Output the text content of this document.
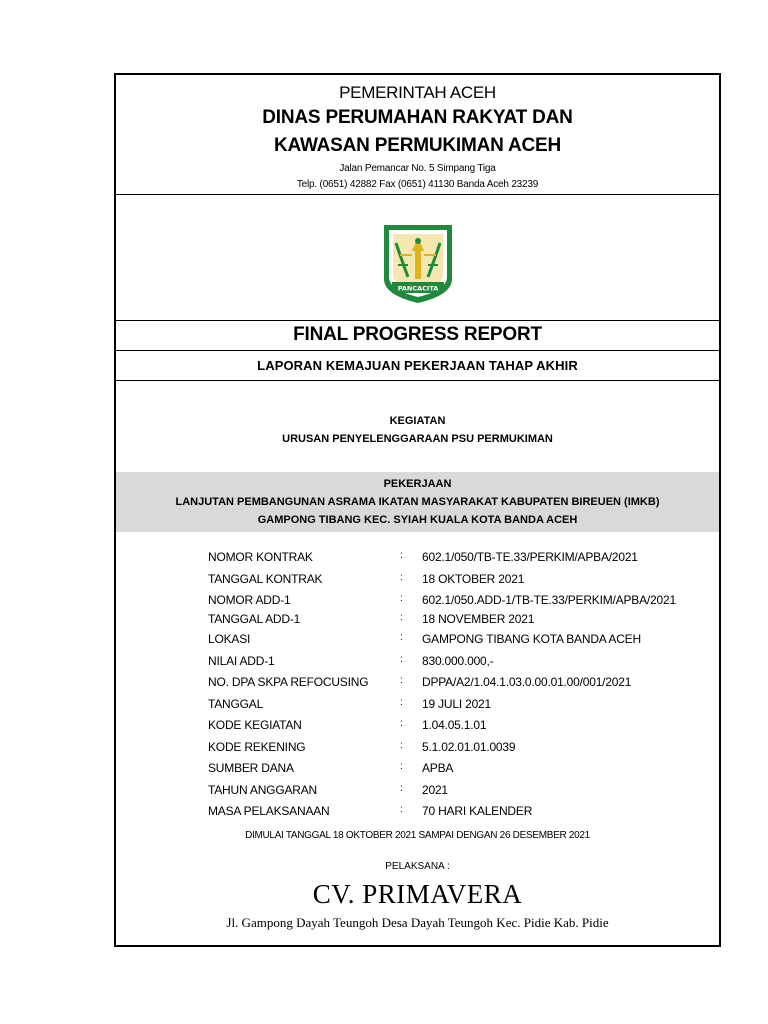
PEMERINTAH ACEH
DINAS PERUMAHAN RAKYAT DAN
KAWASAN PERMUKIMAN ACEH
Jalan Pemancar No. 5 Simpang Tiga
Telp. (0651) 42882 Fax (0651) 41130 Banda Aceh 23239
PANCACITA
FINAL PROGRESS REPORT
LAPORAN KEMAJUAN PEKERJAAN TAHAP AKHIR
KEGIATAN
URUSAN PENYELENGGARAAN PSU PERMUKIMAN
PEKERJAAN
LANJUTAN PEMBANGUNAN ASRAMA IKATAN MASYARAKAT KABUPATEN BIREUEN (IMKB)
GAMPONG TIBANG KEC. SYIAH KUALA KOTA BANDA ACEH
NOMOR KONTRAK	: 602.1/050/TB-TE.33/PERKIM/APBA/2021
TANGGAL KONTRAK	: 18 OKTOBER 2021
NOMOR ADD-1	: 602.1/050.ADD-1/TB-TE.33/PERKIM/APBA/2021
TANGGAL ADD-1	: 18 NOVEMBER 2021
LOKASI	: GAMPONG TIBANG KOTA BANDA ACEH
NILAI ADD-1	: 830.000.000,-
NO. DPA SKPA REFOCUSING	: DPPA/A2/1.04.1.03.0.00.01.00/001/2021
TANGGAL	: 19 JULI 2021
KODE KEGIATAN	: 1.04.05.1.01
KODE REKENING	: 5.1.02.01.01.0039
SUMBER DANA	: APBA
TAHUN ANGGARAN	: 2021
MASA PELAKSANAAN	: 70 HARI KALENDER
DIMULAI TANGGAL 18 OKTOBER 2021 SAMPAI DENGAN 26 DESEMBER 2021
PELAKSANA :
CV. PRIMAVERA
Jl. Gampong Dayah Teungoh Desa Dayah Teungoh Kec. Pidie Kab. Pidie
